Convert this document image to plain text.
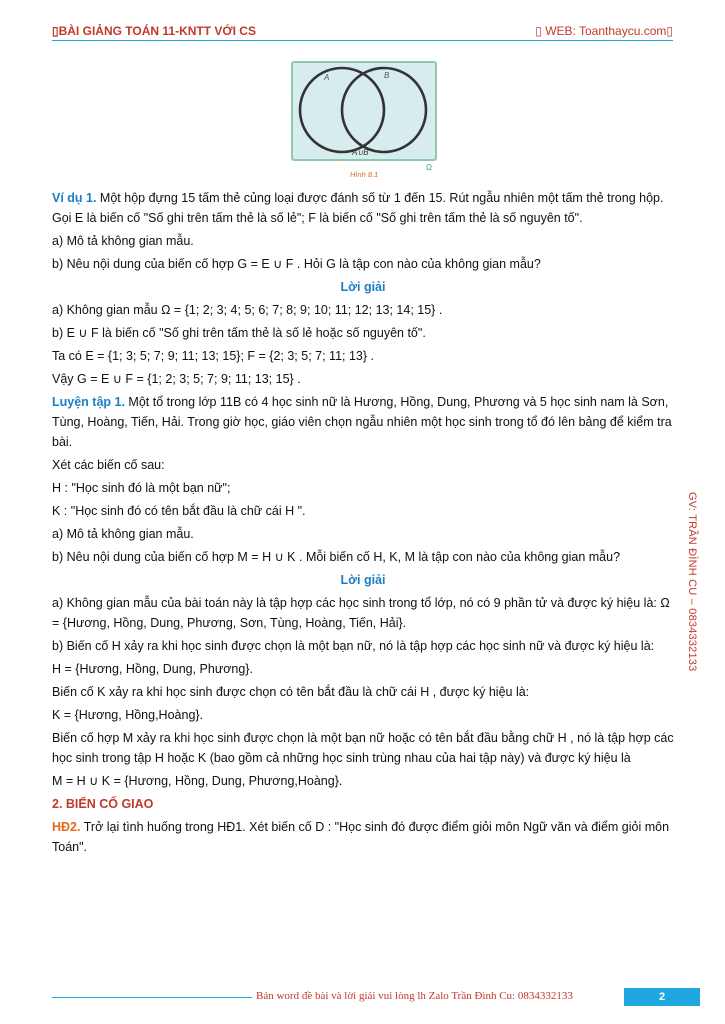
▯BÀI GIẢNG TOÁN 11-KNTT VỚI CS	▯ WEB: Toanthaycu.com▯
GV: TRẦN ĐÌNH CU – 0834332133
A	B
A∪B
Ω
Hình 8.1

Ví dụ 1. Một hộp đựng 15 tấm thẻ củng loại được đánh số từ 1 đến 15. Rút ngẫu nhiên một tấm thẻ trong hộp. Gọi E là biến cố "Số ghi trên tấm thẻ là số lẻ"; F là biến cố "Số ghi trên tấm thẻ là số nguyên tố".

a) Mô tả không gian mẫu.

b) Nêu nội dung của biến cố hợp G = E ∪ F . Hỏi G là tập con nào của không gian mẫu?

Lời giải

a) Không gian mẫu Ω = {1; 2; 3; 4; 5; 6; 7; 8; 9; 10; 11; 12; 13; 14; 15} .

b) E ∪ F là biến cố "Số ghi trên tấm thẻ là số lẻ hoặc số nguyên tố".

Ta có E = {1; 3; 5; 7; 9; 11; 13; 15}; F = {2; 3; 5; 7; 11; 13} .

Vậy G = E ∪ F = {1; 2; 3; 5; 7; 9; 11; 13; 15} .

Luyện tập 1. Một tổ trong lớp 11B có 4 học sinh nữ là Hương, Hồng, Dung, Phương và 5 học sinh nam là Sơn, Tùng, Hoàng, Tiến, Hải. Trong giờ học, giáo viên chọn ngẫu nhiên một học sinh trong tổ đó lên bảng để kiểm tra bài.

Xét các biến cố sau:

H : "Học sinh đó là một bạn nữ";

K : "Học sinh đó có tên bắt đầu là chữ cái H ".

a) Mô tả không gian mẫu.

b) Nêu nội dung của biến cố hợp M = H ∪ K . Mỗi biến cố H, K, M là tập con nào của không gian mẫu?

Lời giải

a) Không gian mẫu của bài toán này là tập hợp các học sinh trong tổ lớp, nó có 9 phần tử và được ký hiệu là: Ω = {Hương, Hồng, Dung, Phương, Sơn, Tùng, Hoàng, Tiến, Hải}.

b) Biến cố H xảy ra khi học sinh được chọn là một bạn nữ, nó là tập hợp các học sinh nữ và được ký hiệu là:

H = {Hương, Hồng, Dung, Phương}.

Biến cố K xảy ra khi học sinh được chọn có tên bắt đầu là chữ cái H , được ký hiệu là:

K = {Hương, Hồng,Hoàng}.

Biến cố hợp M xảy ra khi học sinh được chọn là một bạn nữ hoặc có tên bắt đầu bằng chữ H , nó là tập hợp các học sinh trong tập H hoặc K (bao gồm cả những học sinh trùng nhau của hai tập này) và được ký hiệu là

M = H ∪ K = {Hương, Hồng, Dung, Phương,Hoàng}.

2. BIẾN CỐ GIAO

HĐ2. Trở lại tình huống trong HĐ1. Xét biến cố D : "Học sinh đó được điểm giỏi môn Ngữ văn và điểm giỏi môn Toán".

Bản word đề bài và lời giải vui lòng lh Zalo Trần Đình Cu: 0834332133	2
